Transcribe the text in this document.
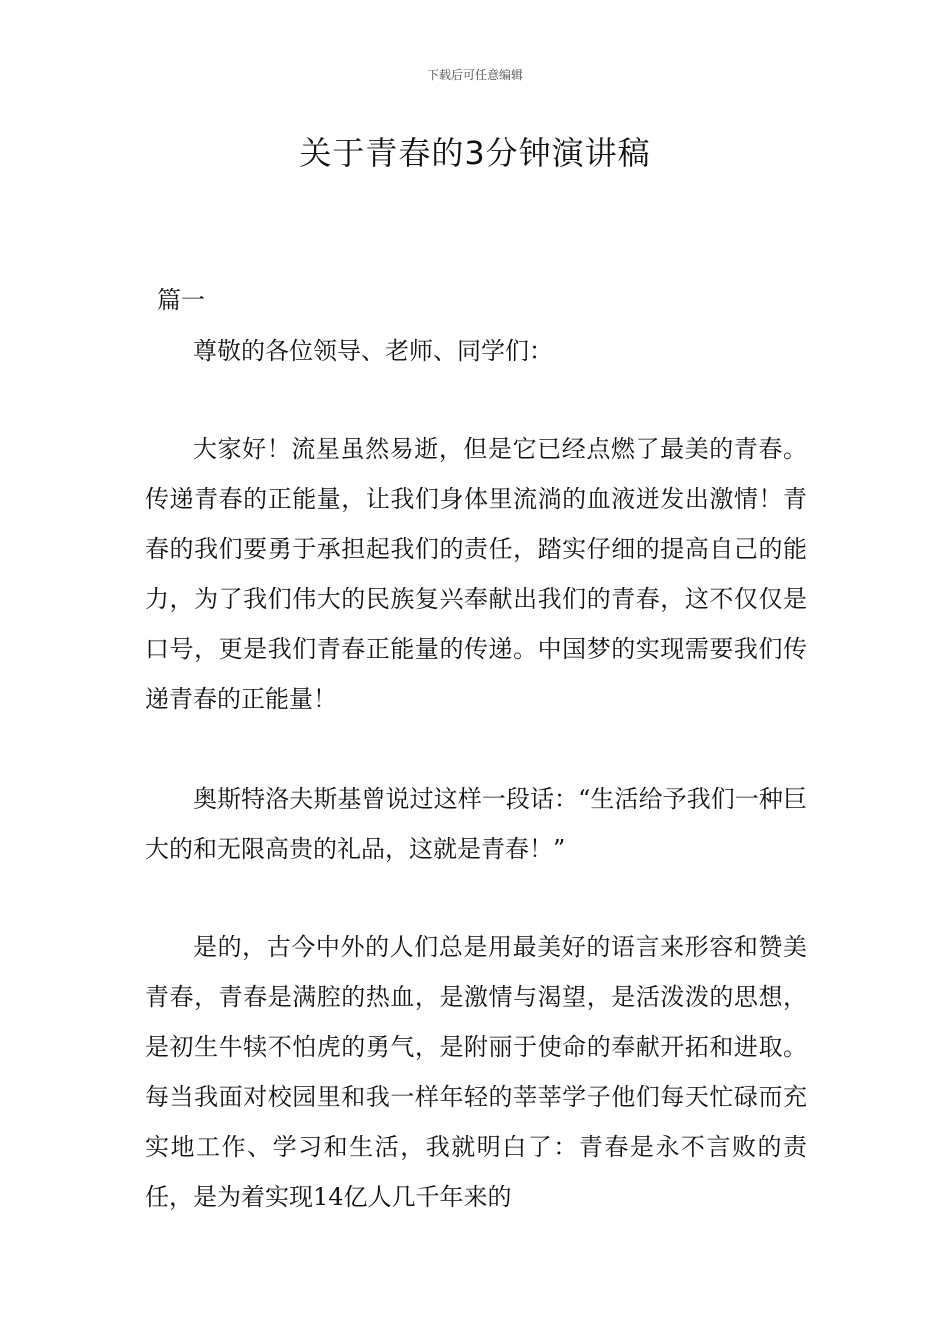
下载后可任意编辑
关于青春的3分钟演讲稿
篇一

尊敬的各位领导、老师、同学们：

大家好！流星虽然易逝，但是它已经点燃了最美的青春。传递青春的正能量，让我们身体里流淌的血液迸发出激情！青春的我们要勇于承担起我们的责任，踏实仔细的提高自己的能力，为了我们伟大的民族复兴奉献出我们的青春，这不仅仅是口号，更是我们青春正能量的传递。中国梦的实现需要我们传递青春的正能量！

奥斯特洛夫斯基曾说过这样一段话：“生活给予我们一种巨大的和无限高贵的礼品，这就是青春！”

是的，古今中外的人们总是用最美好的语言来形容和赞美青春，青春是满腔的热血，是激情与渴望，是活泼泼的思想，是初生牛犊不怕虎的勇气，是附丽于使命的奉献开拓和进取。每当我面对校园里和我一样年轻的莘莘学子他们每天忙碌而充实地工作、学习和生活，我就明白了：青春是永不言败的责任，是为着实现14亿人几千年来的
